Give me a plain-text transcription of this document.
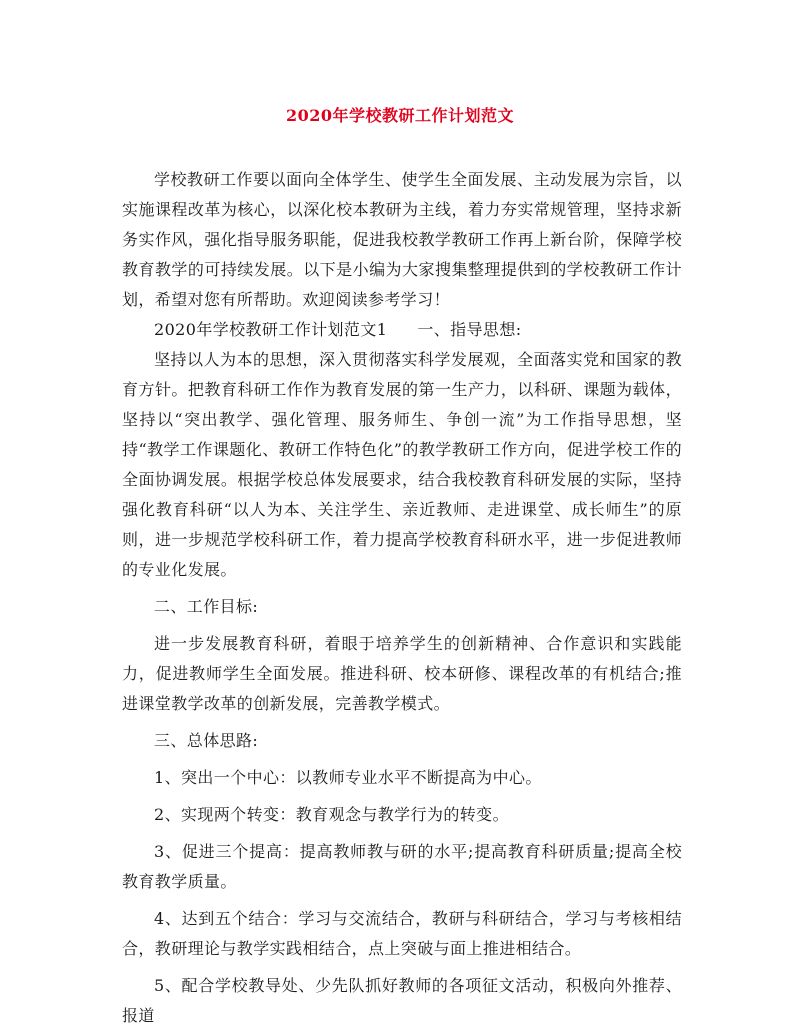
2020年学校教研工作计划范文

学校教研工作要以面向全体学生、使学生全面发展、主动发展为宗旨，以实施课程改革为核心，以深化校本教研为主线，着力夯实常规管理，坚持求新务实作风，强化指导服务职能，促进我校教学教研工作再上新台阶，保障学校教育教学的可持续发展。以下是小编为大家搜集整理提供到的学校教研工作计划，希望对您有所帮助。欢迎阅读参考学习！

2020年学校教研工作计划范文1 一、指导思想:

坚持以人为本的思想，深入贯彻落实科学发展观，全面落实党和国家的教育方针。把教育科研工作作为教育发展的第一生产力，以科研、课题为载体，坚持以“突出教学、强化管理、服务师生、争创一流”为工作指导思想，坚持“教学工作课题化、教研工作特色化”的教学教研工作方向，促进学校工作的全面协调发展。根据学校总体发展要求，结合我校教育科研发展的实际，坚持强化教育科研“以人为本、关注学生、亲近教师、走进课堂、成长师生”的原则，进一步规范学校科研工作，着力提高学校教育科研水平，进一步促进教师的专业化发展。

二、工作目标:

进一步发展教育科研，着眼于培养学生的创新精神、合作意识和实践能力，促进教师学生全面发展。推进科研、校本研修、课程改革的有机结合;推进课堂教学改革的创新发展，完善教学模式。

三、总体思路:

1、突出一个中心：以教师专业水平不断提高为中心。

2、实现两个转变：教育观念与教学行为的转变。

3、促进三个提高：提高教师教与研的水平;提高教育科研质量;提高全校教育教学质量。

4、达到五个结合：学习与交流结合，教研与科研结合，学习与考核相结合，教研理论与教学实践相结合，点上突破与面上推进相结合。

5、配合学校教导处、少先队抓好教师的各项征文活动，积极向外推荐、报道
